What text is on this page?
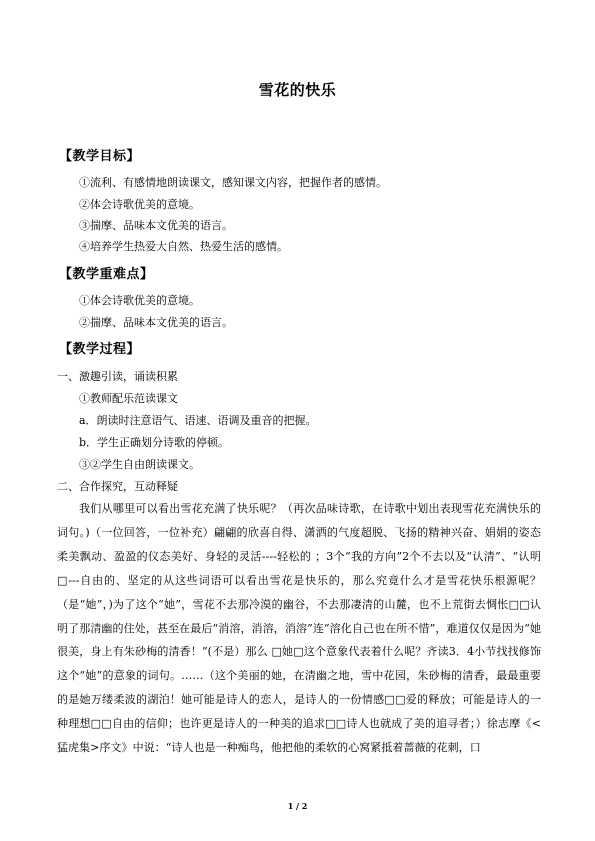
雪花的快乐
【教学目标】
①流利、有感情地朗读课文，感知课文内容，把握作者的感情。
②体会诗歌优美的意境。
③揣摩、品味本文优美的语言。
④培养学生热爱大自然、热爱生活的感情。
【教学重难点】
①体会诗歌优美的意境。
②揣摩、品味本文优美的语言。
【教学过程】
一、激趣引读，诵读积累
①教师配乐范读课文
a．朗读时注意语气、语速、语调及重音的把握。
b．学生正确划分诗歌的停顿。
③②学生自由朗读课文。
二、合作探究，互动释疑
我们从哪里可以看出雪花充满了快乐呢？（再次品味诗歌，在诗歌中划出表现雪花充满快乐的词句。)（一位回答，一位补充）翩翩的欣喜自得、潇洒的气度超脱、飞扬的精神兴奋、娟娟的姿态柔美飘动、盈盈的仪态美好、身轻的灵活----轻松的 ；3个“我的方向”2个不去以及“认清”、“认明□---自由的、坚定的从这些词语可以看出雪花是快乐的，那么究竟什么才是雪花快乐根源呢？（是“她”，)为了这个“她”，雪花不去那冷漠的幽谷，不去那凄清的山麓，也不上荒街去惆怅□□认明了那清幽的住处，甚至在最后“消溶，消溶，消溶”连“溶化自己也在所不惜”，难道仅仅是因为“她很美，身上有朱砂梅的清香！”(不是）那么 □她□这个意象代表着什么呢？齐读3．4小节找找修饰这个“她”的意象的词句。……（这个美丽的她，在清幽之地，雪中花园，朱砂梅的清香，最最重要的是她万缕柔波的湖泊！她可能是诗人的恋人，是诗人的一份情感□□爱的释放；可能是诗人的一种理想□□自由的信仰；也许更是诗人的一种美的追求□□诗人也就成了美的追寻者；）徐志摩《<猛虎集>序文》中说：“诗人也是一种痴鸟，他把他的柔软的心窝紧抵着蔷薇的花刺，口
1 / 2
